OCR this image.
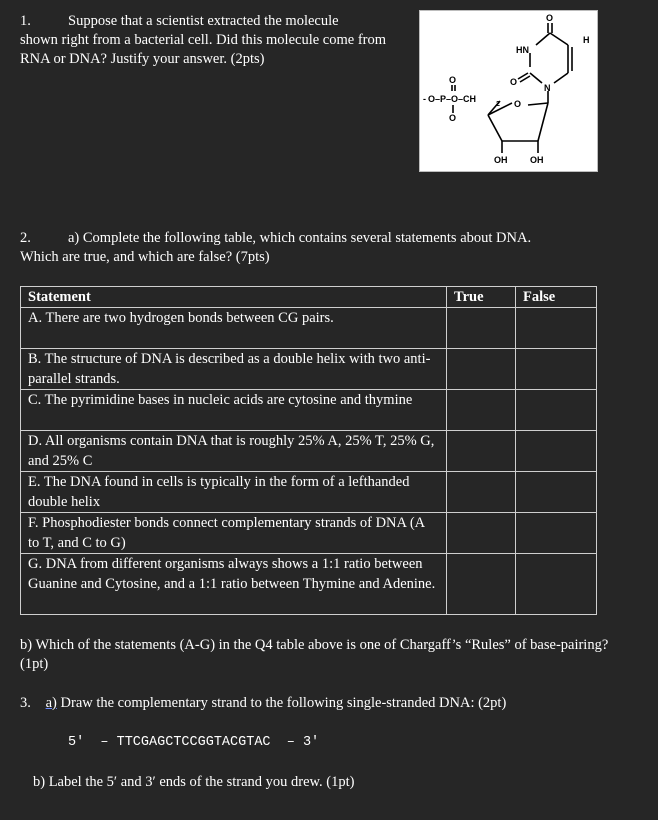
1.	Suppose that a scientist extracted the molecule
shown right from a bacterial cell. Did this molecule come from RNA or DNA? Justify your answer. (2pts)
O
HN
H
O
N
O
O
- O–P–O–CH
2
O
OH	OH
2.	a) Complete the following table, which contains several statements about DNA.
Which are true, and which are false? (7pts)
Statement	True	False
A. There are two hydrogen bonds between CG pairs.		
B. The structure of DNA is described as a double helix with two anti-parallel strands.		
C. The pyrimidine bases in nucleic acids are cytosine and thymine		
D. All organisms contain DNA that is roughly 25% A, 25% T, 25% G, and 25% C		
E. The DNA found in cells is typically in the form of a lefthanded double helix		
F. Phosphodiester bonds connect complementary strands of DNA (A to T, and C to G)		
G. DNA from different organisms always shows a 1:1 ratio between Guanine and Cytosine, and a 1:1 ratio between Thymine and Adenine.		
b) Which of the statements (A-G) in the Q4 table above is one of Chargaff’s “Rules” of base-pairing? (1pt)
3. a) Draw the complementary strand to the following single-stranded DNA: (2pt)
5′  – TTCGAGCTCCGGTACGTAC  – 3′
b) Label the 5′ and 3′ ends of the strand you drew. (1pt)
